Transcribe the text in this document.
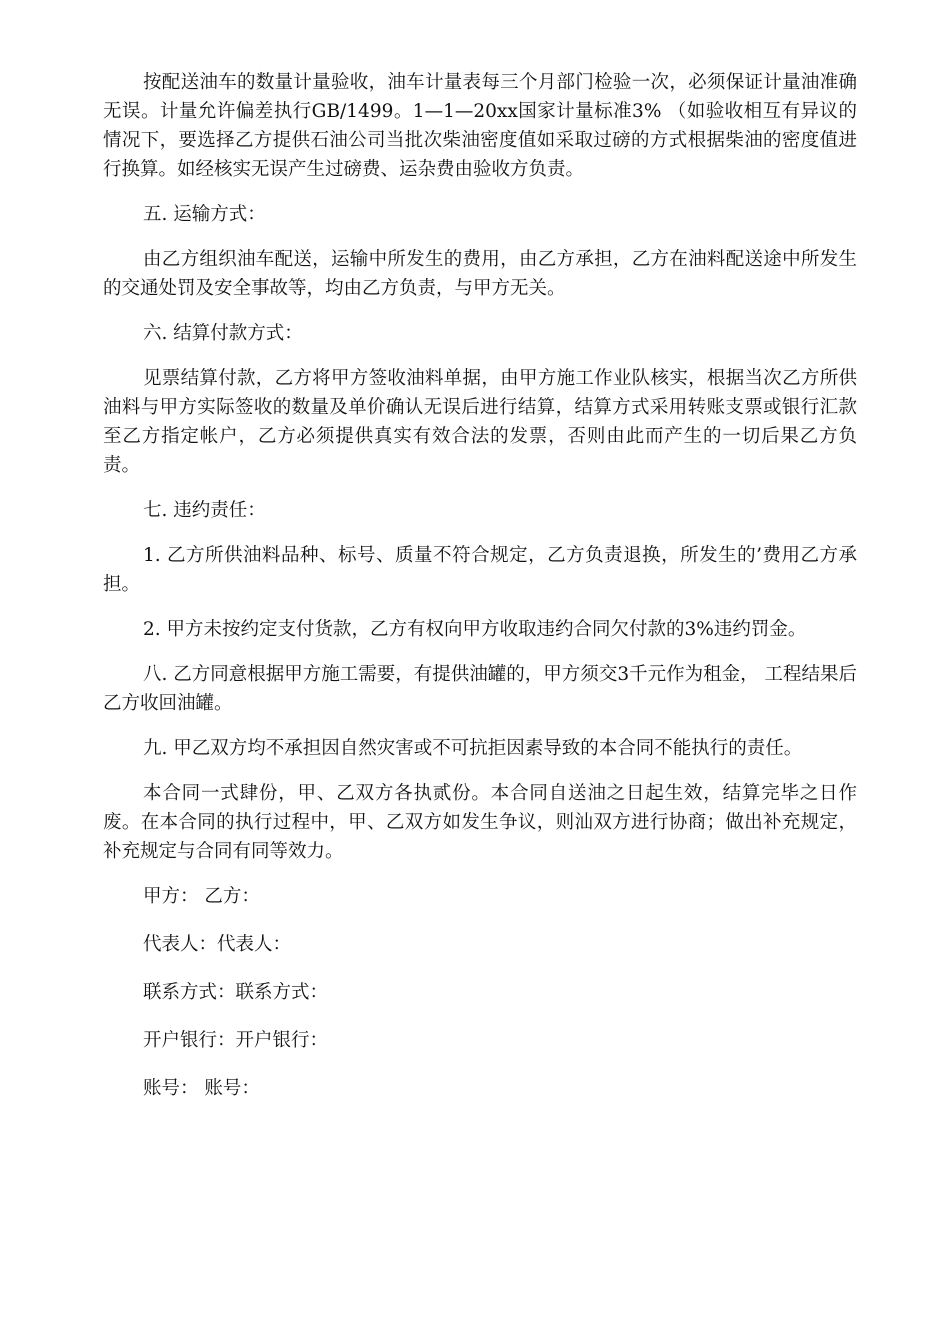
按配送油车的数量计量验收，油车计量表每三个月部门检验一次，必须保证计量油准确无误。计量允许偏差执行GB/1499。1—1—20xx国家计量标准3% （如验收相互有异议的情况下，要选择乙方提供石油公司当批次柴油密度值如采取过磅的方式根据柴油的密度值进行换算。如经核实无误产生过磅费、运杂费由验收方负责。

五. 运输方式：

由乙方组织油车配送，运输中所发生的费用，由乙方承担，乙方在油料配送途中所发生的交通处罚及安全事故等，均由乙方负责，与甲方无关。

六. 结算付款方式：

见票结算付款，乙方将甲方签收油料单据，由甲方施工作业队核实，根据当次乙方所供油料与甲方实际签收的数量及单价确认无误后进行结算，结算方式采用转账支票或银行汇款至乙方指定帐户，乙方必须提供真实有效合法的发票，否则由此而产生的一切后果乙方负责。

七. 违约责任：

1. 乙方所供油料品种、标号、质量不符合规定，乙方负责退换，所发生的’费用乙方承担。

2. 甲方未按约定支付货款，乙方有权向甲方收取违约合同欠付款的3%违约罚金。

八. 乙方同意根据甲方施工需要，有提供油罐的，甲方须交3千元作为租金， 工程结果后乙方收回油罐。

九. 甲乙双方均不承担因自然灾害或不可抗拒因素导致的本合同不能执行的责任。

本合同一式肆份，甲、乙双方各执贰份。本合同自送油之日起生效，结算完毕之日作废。在本合同的执行过程中，甲、乙双方如发生争议，则汕双方进行协商；做出补充规定，补充规定与合同有同等效力。

甲方： 乙方：

代表人：代表人：

联系方式：联系方式：

开户银行：开户银行：

账号： 账号：
